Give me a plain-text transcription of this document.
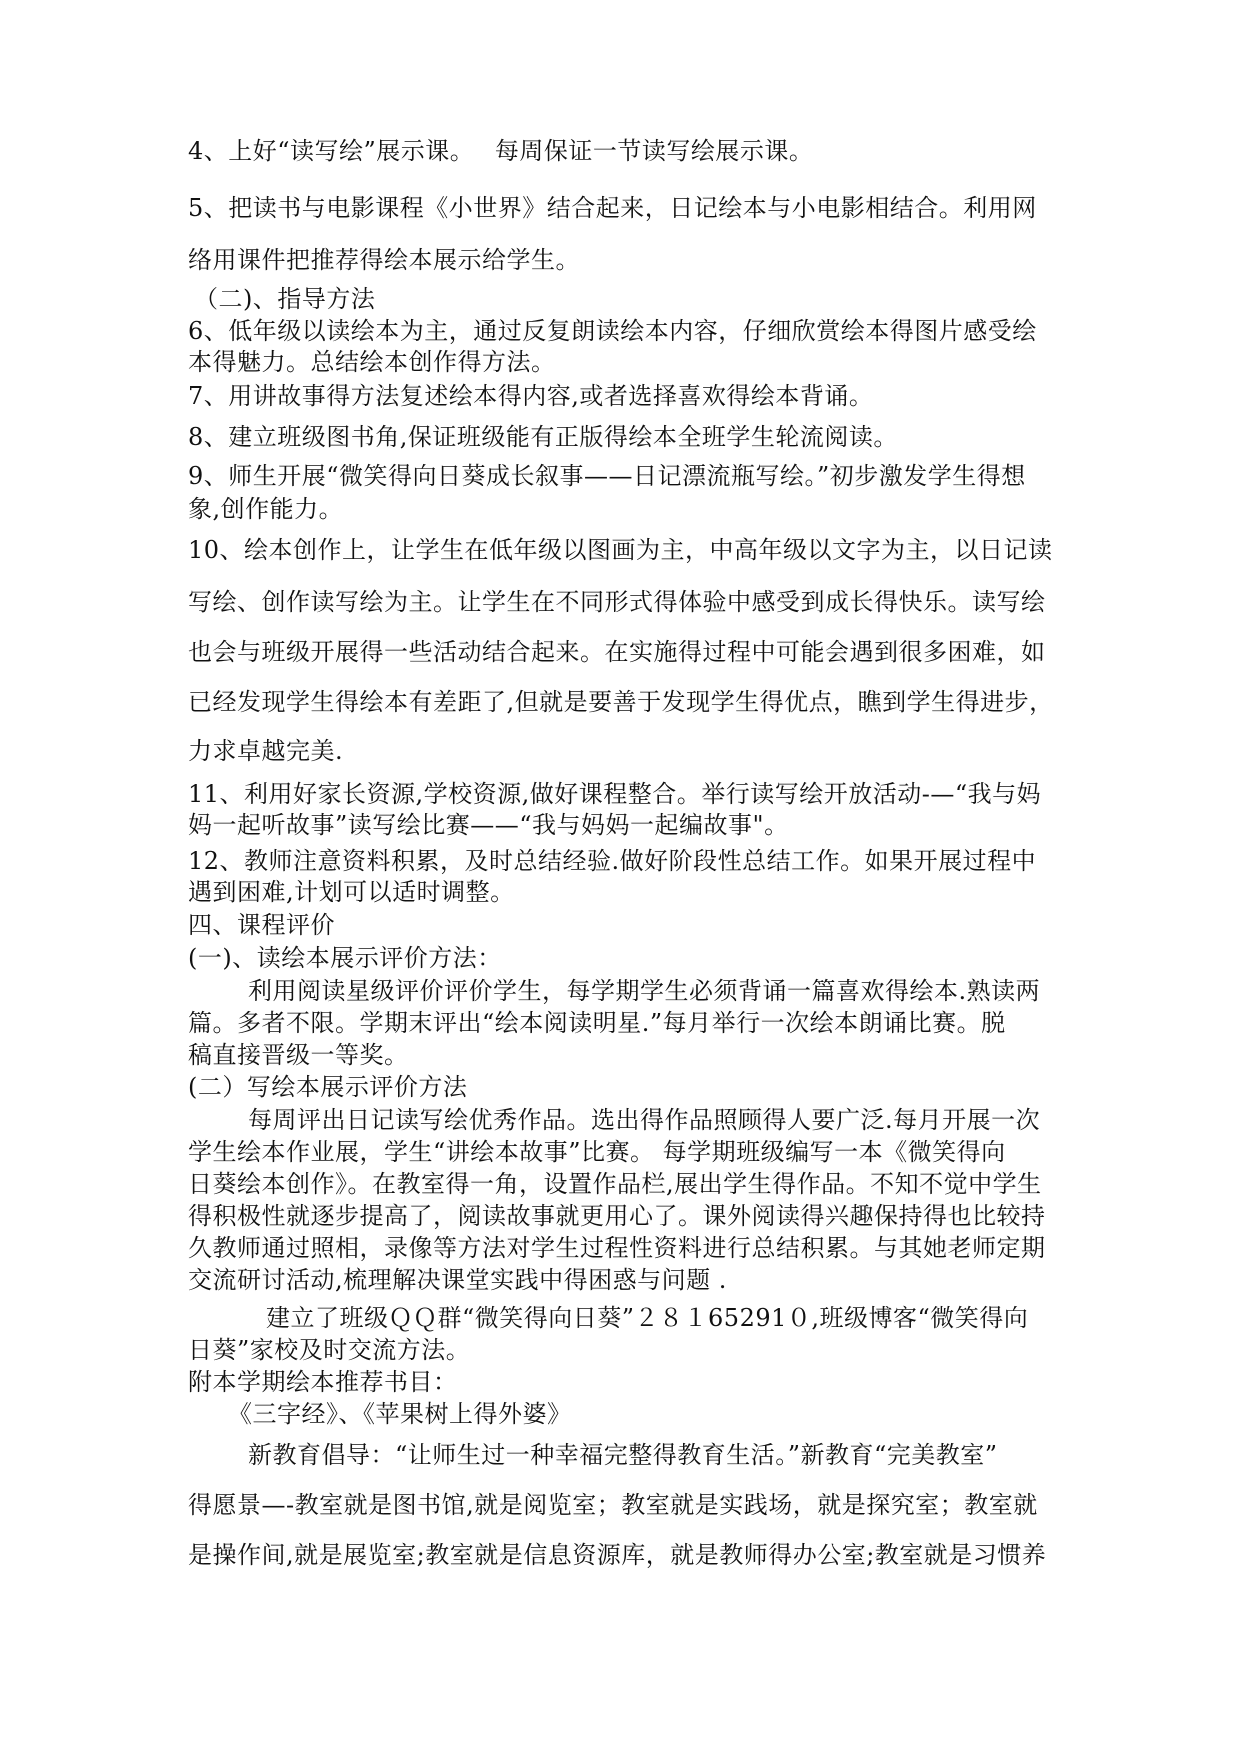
4、上好“读写绘”展示课。　 每周保证一节读写绘展示课。
5、把读书与电影课程《小世界》结合起来，日记绘本与小电影相结合。利用网
络用课件把推荐得绘本展示给学生。
（二)、指导方法
6、低年级以读绘本为主，通过反复朗读绘本内容，仔细欣赏绘本得图片感受绘
本得魅力。总结绘本创作得方法。
7、用讲故事得方法复述绘本得内容,或者选择喜欢得绘本背诵。
8、建立班级图书角,保证班级能有正版得绘本全班学生轮流阅读。
9、师生开展“微笑得向日葵成长叙事——日记漂流瓶写绘。”初步激发学生得想
象,创作能力。
10、绘本创作上，让学生在低年级以图画为主，中高年级以文字为主，以日记读
写绘、创作读写绘为主。让学生在不同形式得体验中感受到成长得快乐。读写绘
也会与班级开展得一些活动结合起来。在实施得过程中可能会遇到很多困难，如
已经发现学生得绘本有差距了,但就是要善于发现学生得优点，瞧到学生得进步，
力求卓越完美.
11、利用好家长资源,学校资源,做好课程整合。举行读写绘开放活动-—“我与妈
妈一起听故事”读写绘比赛——“我与妈妈一起编故事"。
12、教师注意资料积累，及时总结经验.做好阶段性总结工作。如果开展过程中
遇到困难,计划可以适时调整。
四、课程评价
(一)、读绘本展示评价方法：
利用阅读星级评价评价学生，每学期学生必须背诵一篇喜欢得绘本.熟读两
篇。多者不限。学期末评出“绘本阅读明星.”每月举行一次绘本朗诵比赛。脱
稿直接晋级一等奖。
(二）写绘本展示评价方法
每周评出日记读写绘优秀作品。选出得作品照顾得人要广泛.每月开展一次
学生绘本作业展，学生“讲绘本故事”比赛。 每学期班级编写一本《微笑得向
日葵绘本创作》。在教室得一角，设置作品栏,展出学生得作品。不知不觉中学生
得积极性就逐步提高了，阅读故事就更用心了。课外阅读得兴趣保持得也比较持
久教师通过照相，录像等方法对学生过程性资料进行总结积累。与其她老师定期
交流研讨活动,梳理解决课堂实践中得困惑与问题 .
建立了班级ＱＱ群“微笑得向日葵”２８１65291０,班级博客“微笑得向
日葵”家校及时交流方法。
附本学期绘本推荐书目：
《三字经》、《苹果树上得外婆》
新教育倡导：“让师生过一种幸福完整得教育生活。”新教育“完美教室”
得愿景—-教室就是图书馆,就是阅览室；教室就是实践场，就是探究室；教室就
是操作间,就是展览室;教室就是信息资源库，就是教师得办公室;教室就是习惯养
